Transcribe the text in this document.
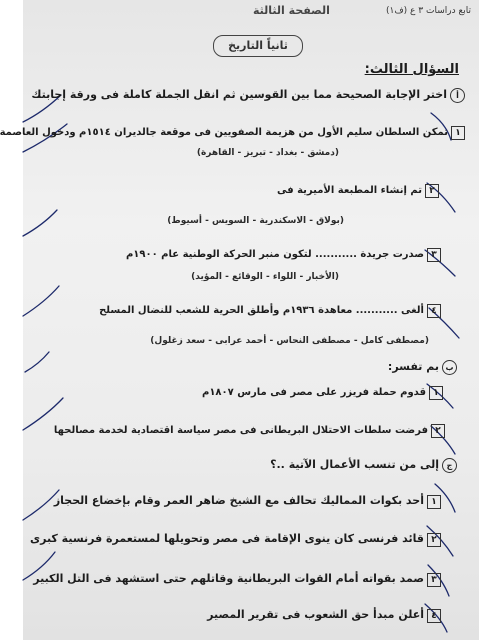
تابع دراسات ٣ ع (ف١)
الصفحة الثالثة
ثانياً التاريخ
السؤال الثالث:
أاختر الإجابة الصحيحة مما بين القوسين ثم انقل الجملة كاملة فى ورقة إجابتك
١تمكن السلطان سليم الأول من هزيمة الصفويين فى موقعة جالديران ١٥١٤م ودخول العاصمة
(دمشق - بغداد - تبريز - القاهرة)
٢تم إنشاء المطبعة الأميرية فى
(بولاق - الاسكندرية - السويس - أسيوط)
٣صدرت جريدة ........... لتكون منبر الحركة الوطنية عام ١٩٠٠م
(الأخبار - اللواء - الوقائع - المؤيد)
٤ألغى ........... معاهدة ١٩٣٦م وأطلق الحرية للشعب للنضال المسلح
(مصطفى كامل - مصطفى النحاس - أحمد عرابى - سعد زغلول)
ببم تفسر:
١قدوم حملة فريزر على مصر فى مارس ١٨٠٧م
٢فرضت سلطات الاحتلال البريطانى فى مصر سياسة اقتصادية لخدمة مصالحها
جإلى من تنسب الأعمال الآتية ..؟
١أحد بكوات المماليك تحالف مع الشيخ ضاهر العمر وقام بإخضاع الحجاز
٢قائد فرنسى كان ينوى الإقامة فى مصر وتحويلها لمستعمرة فرنسية كبرى
٣صمد بقواته أمام القوات البريطانية وقاتلهم حتى استشهد فى التل الكبير
٤أعلن مبدأ حق الشعوب فى تقرير المصير
